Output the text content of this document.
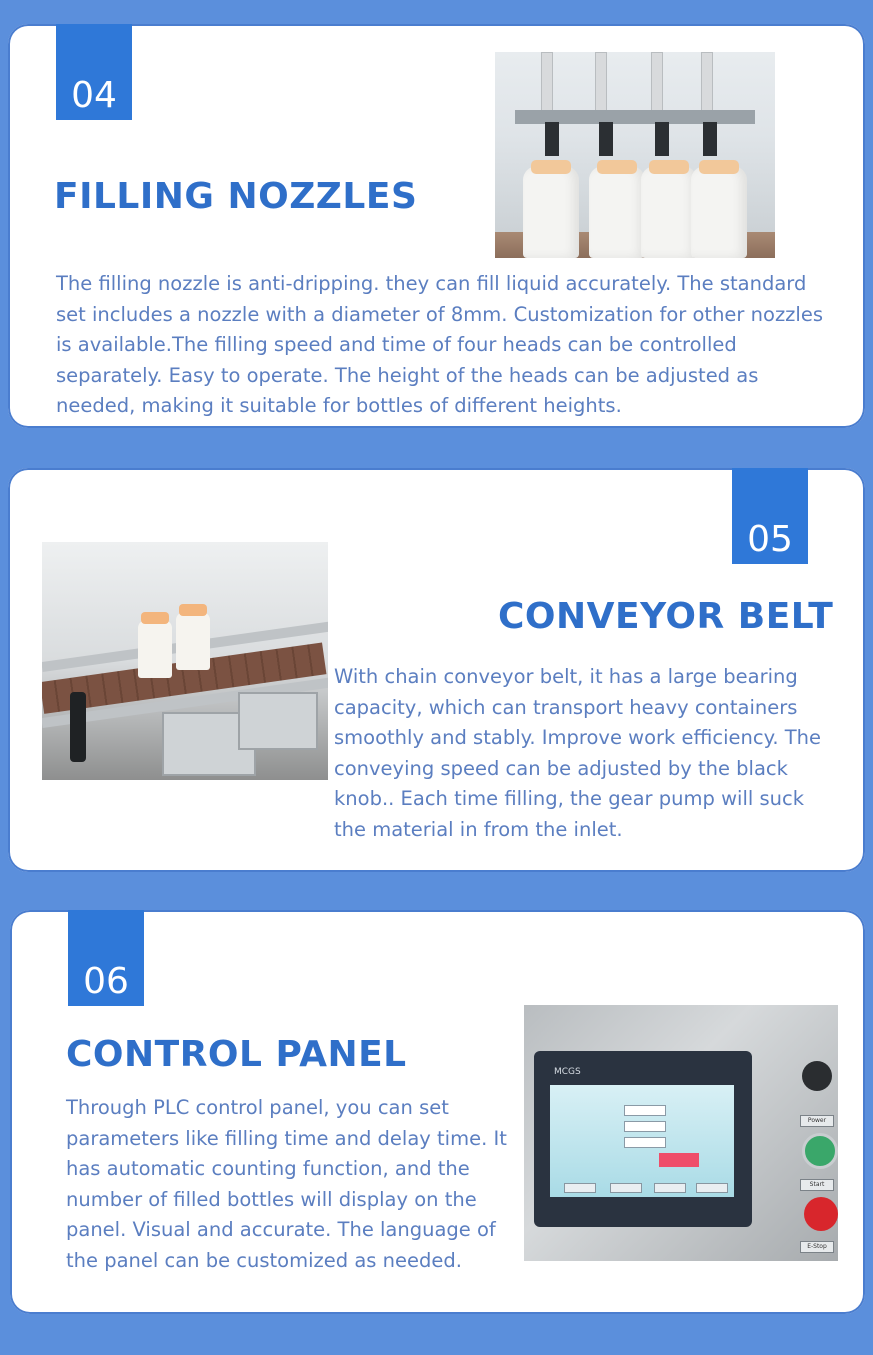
04
FILLING NOZZLES
The filling nozzle is anti-dripping. they can fill liquid accurately. The standard set includes a nozzle with a diameter of 8mm. Customization for other nozzles is available.The filling speed and time of four heads can be controlled separately. Easy to operate. The height of the heads can be adjusted as needed, making it suitable for bottles of different heights.
05
CONVEYOR BELT
With chain conveyor belt, it has a large bearing capacity, which can transport heavy containers smoothly and stably. Improve work efficiency. The conveying speed can be adjusted by the black knob.. Each time filling, the gear pump will suck the material in from the inlet.
06
CONTROL PANEL
Through PLC control panel, you can set parameters like filling time and delay time. It has automatic counting function, and the number of filled bottles will display on the panel. Visual and accurate. The language of the panel can be customized as needed.
MCGS
Power
Start
E-Stop
